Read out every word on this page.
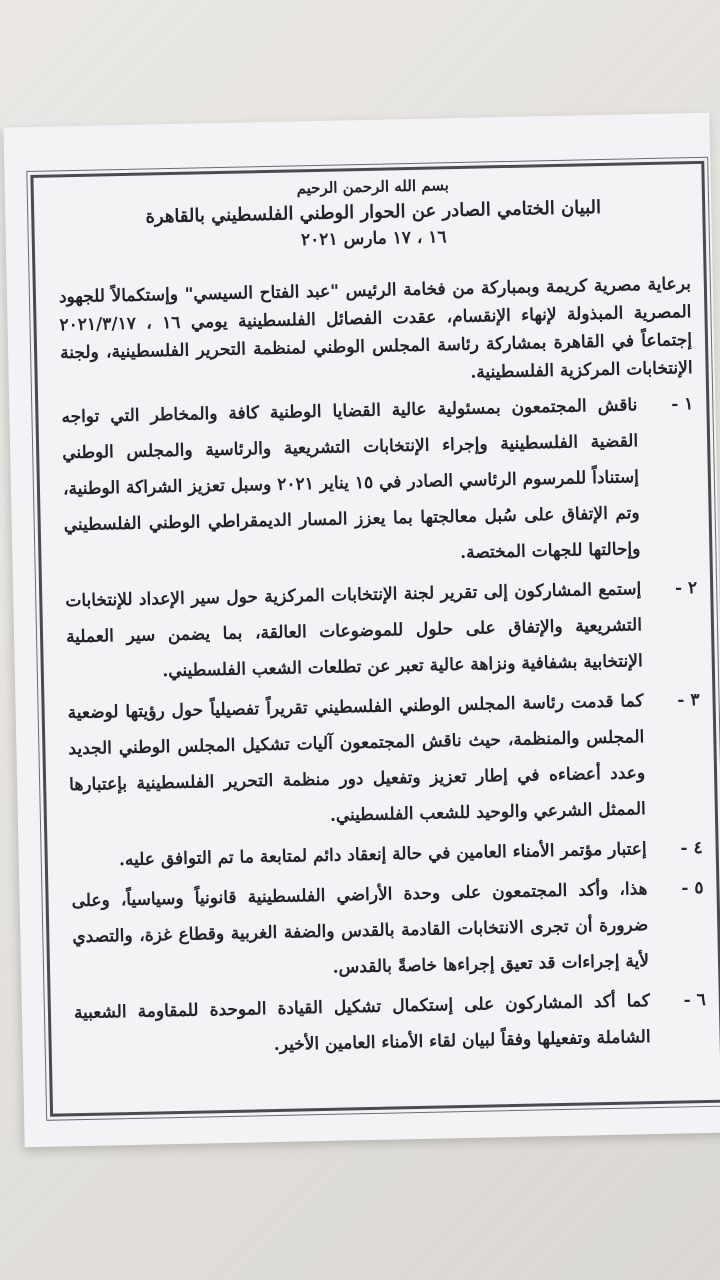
بسم الله الرحمن الرحيم
البيان الختامي الصادر عن الحوار الوطني الفلسطيني بالقاهرة
١٦ ، ١٧ مارس ٢٠٢١
برعاية مصرية كريمة وبمباركة من فخامة الرئيس "عبد الفتاح السيسي" وإستكمالاً للجهود المصرية المبذولة لإنهاء الإنقسام، عقدت الفصائل الفلسطينية يومي ١٦ ، ٢٠٢١/٣/١٧ إجتماعاً في القاهرة بمشاركة رئاسة المجلس الوطني لمنظمة التحرير الفلسطينية، ولجنة الإنتخابات المركزية الفلسطينية.
١ -
ناقش المجتمعون بمسئولية عالية القضايا الوطنية كافة والمخاطر التي تواجه القضية الفلسطينية وإجراء الإنتخابات التشريعية والرئاسية والمجلس الوطني إستناداً للمرسوم الرئاسي الصادر في ١٥ يناير ٢٠٢١ وسبل تعزيز الشراكة الوطنية، وتم الإتفاق على سُبل معالجتها بما يعزز المسار الديمقراطي الوطني الفلسطيني وإحالتها للجهات المختصة.
٢ -
إستمع المشاركون إلى تقرير لجنة الإنتخابات المركزية حول سير الإعداد للإنتخابات التشريعية والإتفاق على حلول للموضوعات العالقة، بما يضمن سير العملية الإنتخابية بشفافية ونزاهة عالية تعبر عن تطلعات الشعب الفلسطيني.
٣ -
كما قدمت رئاسة المجلس الوطني الفلسطيني تقريراً تفصيلياً حول رؤيتها لوضعية المجلس والمنظمة، حيث ناقش المجتمعون آليات تشكيل المجلس الوطني الجديد وعدد أعضاءه في إطار تعزيز وتفعيل دور منظمة التحرير الفلسطينية بإعتبارها الممثل الشرعي والوحيد للشعب الفلسطيني.
٤ -
إعتبار مؤتمر الأمناء العامين في حالة إنعقاد دائم لمتابعة ما تم التوافق عليه.
٥ -
هذا، وأكد المجتمعون على وحدة الأراضي الفلسطينية قانونياً وسياسياً، وعلى ضرورة أن تجرى الانتخابات القادمة بالقدس والضفة الغربية وقطاع غزة، والتصدي لأية إجراءات قد تعيق إجراءها خاصةً بالقدس.
٦ -
كما أكد المشاركون على إستكمال تشكيل القيادة الموحدة للمقاومة الشعبية الشاملة وتفعيلها وفقاً لبيان لقاء الأمناء العامين الأخير.
